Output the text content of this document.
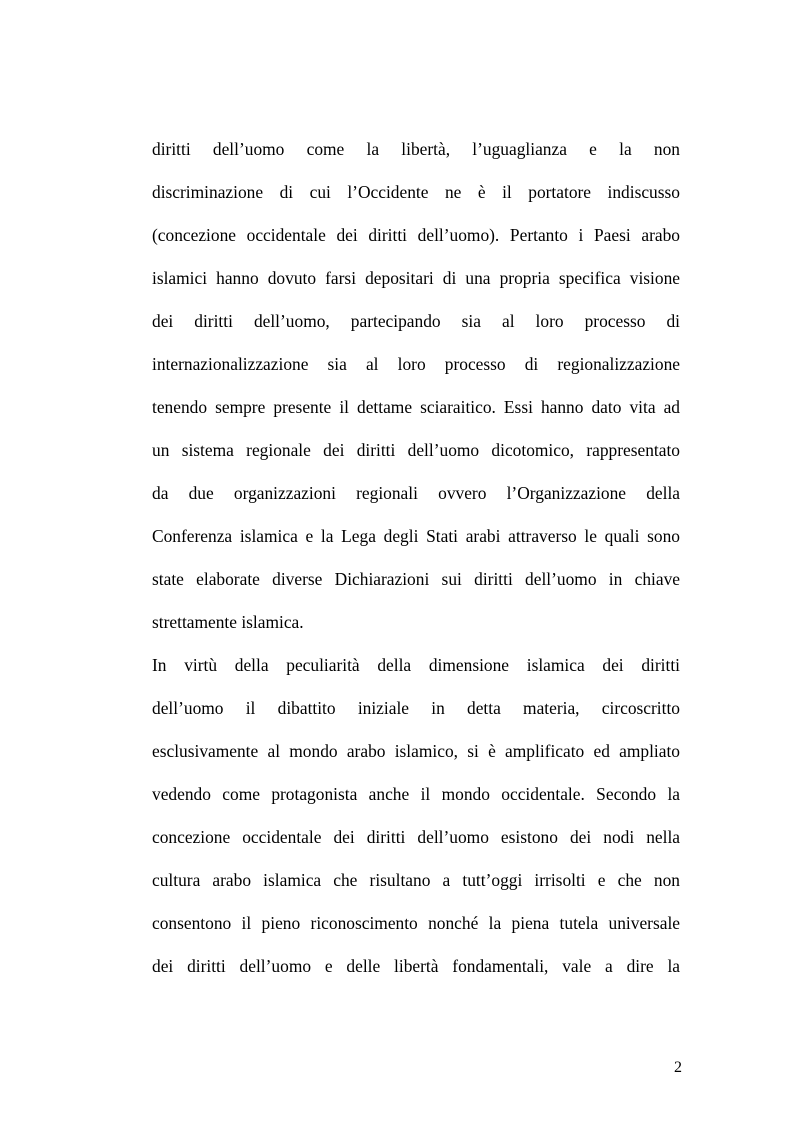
diritti dell’uomo come la libertà, l’uguaglianza e la non
discriminazione di cui l’Occidente ne è il portatore indiscusso
(concezione occidentale dei diritti dell’uomo). Pertanto i Paesi arabo
islamici hanno dovuto farsi depositari di una propria specifica visione
dei diritti dell’uomo, partecipando sia al loro processo di
internazionalizzazione sia al loro processo di regionalizzazione
tenendo sempre presente il dettame sciaraitico. Essi hanno dato vita ad
un sistema regionale dei diritti dell’uomo dicotomico, rappresentato
da due organizzazioni regionali ovvero l’Organizzazione della
Conferenza islamica e la Lega degli Stati arabi attraverso le quali sono
state elaborate diverse Dichiarazioni sui diritti dell’uomo in chiave
strettamente islamica.
In virtù della peculiarità della dimensione islamica dei diritti
dell’uomo il dibattito iniziale in detta materia, circoscritto
esclusivamente al mondo arabo islamico, si è amplificato ed ampliato
vedendo come protagonista anche il mondo occidentale. Secondo la
concezione occidentale dei diritti dell’uomo esistono dei nodi nella
cultura arabo islamica che risultano a tutt’oggi irrisolti e che non
consentono il pieno riconoscimento nonché la piena tutela universale
dei diritti dell’uomo e delle libertà fondamentali, vale a dire la
2
